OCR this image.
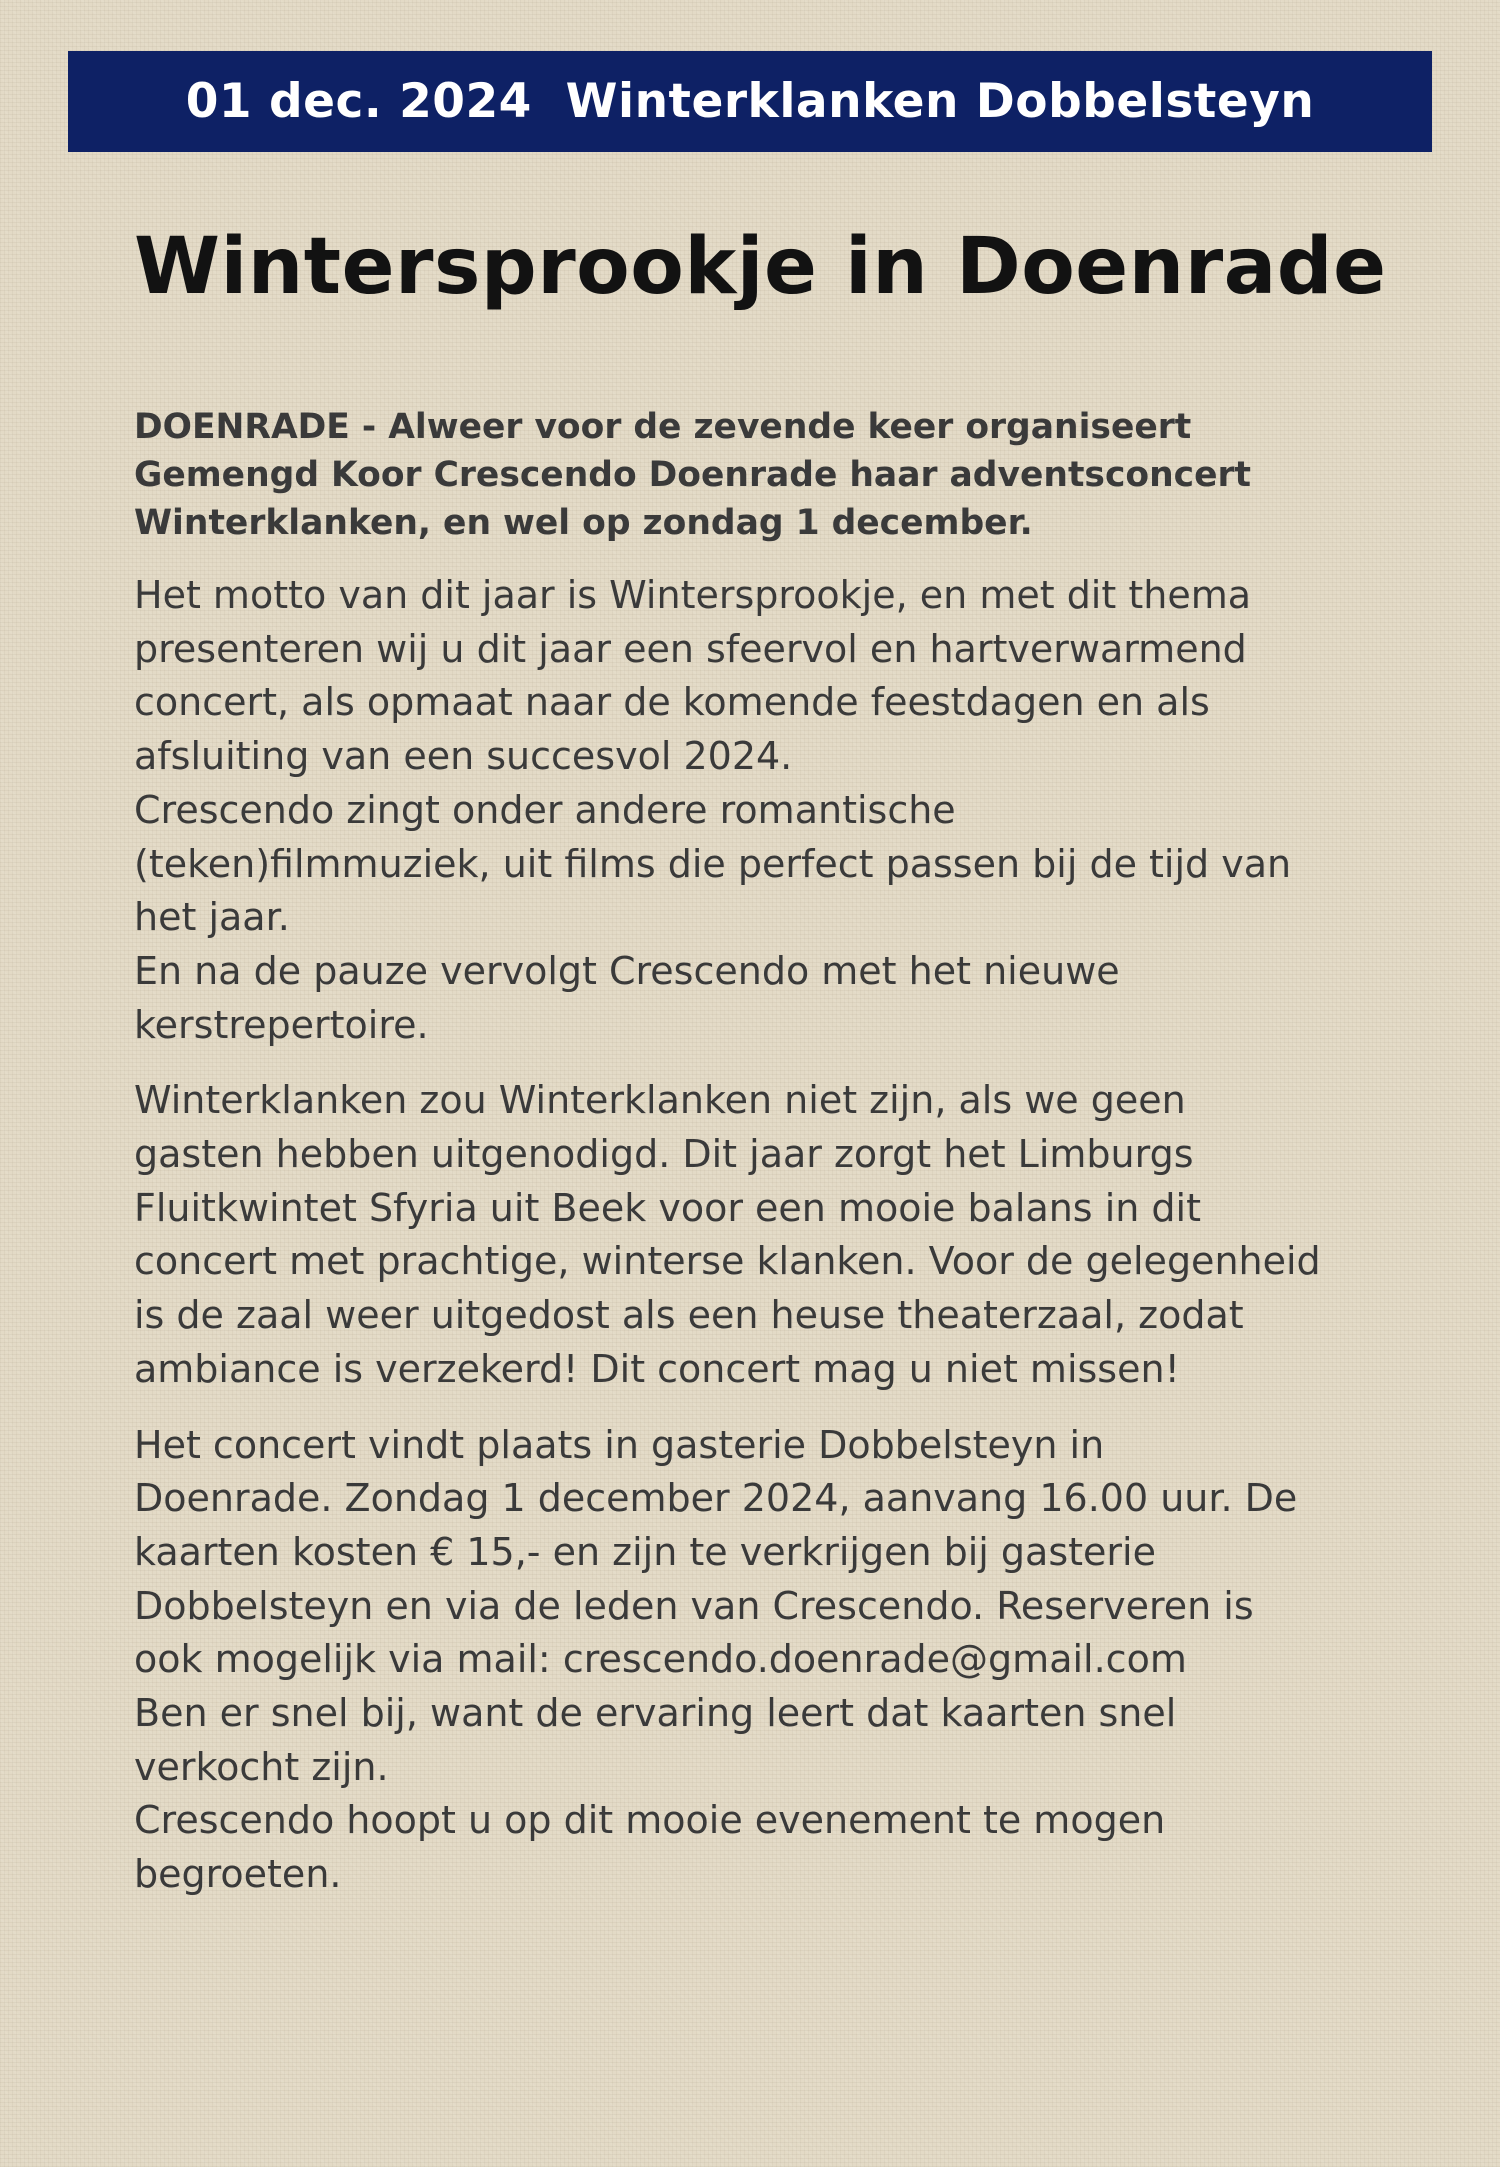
01 dec. 2024 Winterklanken Dobbelsteyn
Wintersprookje in Doenrade

DOENRADE - Alweer voor de zevende keer organiseert
Gemengd Koor Crescendo Doenrade haar adventsconcert
Winterklanken, en wel op zondag 1 december.

Het motto van dit jaar is Wintersprookje, en met dit thema
presenteren wij u dit jaar een sfeervol en hartverwarmend
concert, als opmaat naar de komende feestdagen en als
afsluiting van een succesvol 2024.
Crescendo zingt onder andere romantische
(teken)filmmuziek, uit films die perfect passen bij de tijd van
het jaar.
En na de pauze vervolgt Crescendo met het nieuwe
kerstrepertoire.

Winterklanken zou Winterklanken niet zijn, als we geen
gasten hebben uitgenodigd. Dit jaar zorgt het Limburgs
Fluitkwintet Sfyria uit Beek voor een mooie balans in dit
concert met prachtige, winterse klanken. Voor de gelegenheid
is de zaal weer uitgedost als een heuse theaterzaal, zodat
ambiance is verzekerd! Dit concert mag u niet missen!

Het concert vindt plaats in gasterie Dobbelsteyn in
Doenrade. Zondag 1 december 2024, aanvang 16.00 uur. De
kaarten kosten € 15,- en zijn te verkrijgen bij gasterie
Dobbelsteyn en via de leden van Crescendo. Reserveren is
ook mogelijk via mail: crescendo.doenrade@gmail.com
Ben er snel bij, want de ervaring leert dat kaarten snel
verkocht zijn.
Crescendo hoopt u op dit mooie evenement te mogen
begroeten.
